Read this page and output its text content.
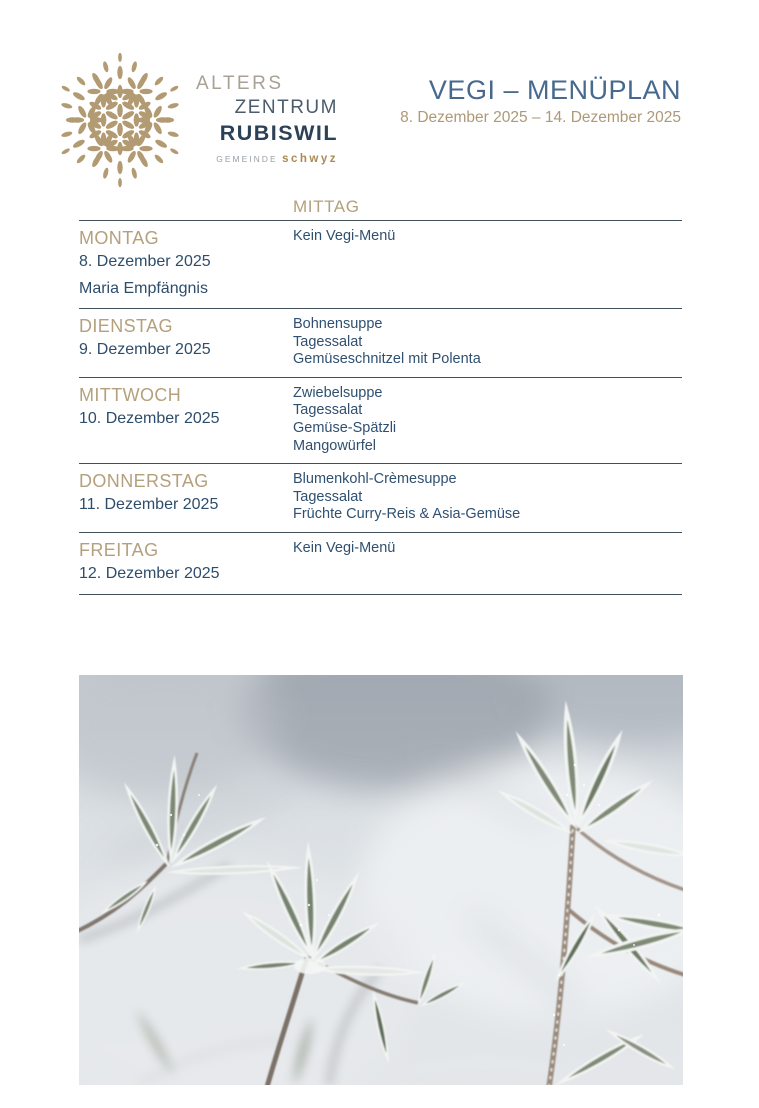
ALTERS
ZENTRUM
RUBISWIL
GEMEINDE schwyz
VEGI – MENÜPLAN
8. Dezember 2025 – 14. Dezember 2025
MITTAG
MONTAG
8. Dezember 2025
Maria Empfängnis
Kein Vegi-Menü
DIENSTAG
9. Dezember 2025
Bohnensuppe
Tagessalat
Gemüseschnitzel mit Polenta
MITTWOCH
10. Dezember 2025
Zwiebelsuppe
Tagessalat
Gemüse-Spätzli
Mangowürfel
DONNERSTAG
11. Dezember 2025
Blumenkohl-Crèmesuppe
Tagessalat
Früchte Curry-Reis & Asia-Gemüse
FREITAG
12. Dezember 2025
Kein Vegi-Menü
